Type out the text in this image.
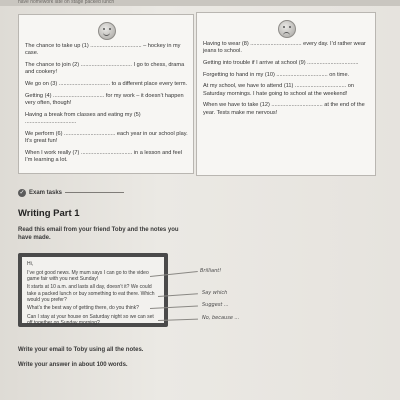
have homework late on stage packed lunch
The chance to take up (1) ................................. – hockey in my case.
The chance to join (2) ................................. I go to chess, drama and cookery!
We go on (3) ................................. to a different place every term.
Getting (4) ................................. for my work – it doesn’t happen very often, though!
Having a break from classes and eating my (5) .................................
We perform (6) ................................. each year in our school play. It’s great fun!
When I work really (7) ................................. in a lesson and feel I’m learning a lot.
Having to wear (8) ................................. every day. I’d rather wear jeans to school.
Getting into trouble if I arrive at school (9) .................................
Forgetting to hand in my (10) ................................. on time.
At my school, we have to attend (11) ................................. on Saturday mornings. I hate going to school at the weekend!
When we have to take (12) ................................. at the end of the year. Tests make me nervous!
✓ Exam tasks
Writing Part 1
Read this email from your friend Toby and the notes you have made.

Hi,

I’ve got good news. My mum says I can go to the video game fair with you next Sunday!

It starts at 10 a.m. and lasts all day, doesn’t it? We could take a packed lunch or buy something to eat there. Which would you prefer?

What’s the best way of getting there, do you think?

Can I stay at your house on Saturday night so we can set off together on Sunday morning?

Brilliant!
Say which
Suggest ...
No, because ...
Write your email to Toby using all the notes.
Write your answer in about 100 words.
